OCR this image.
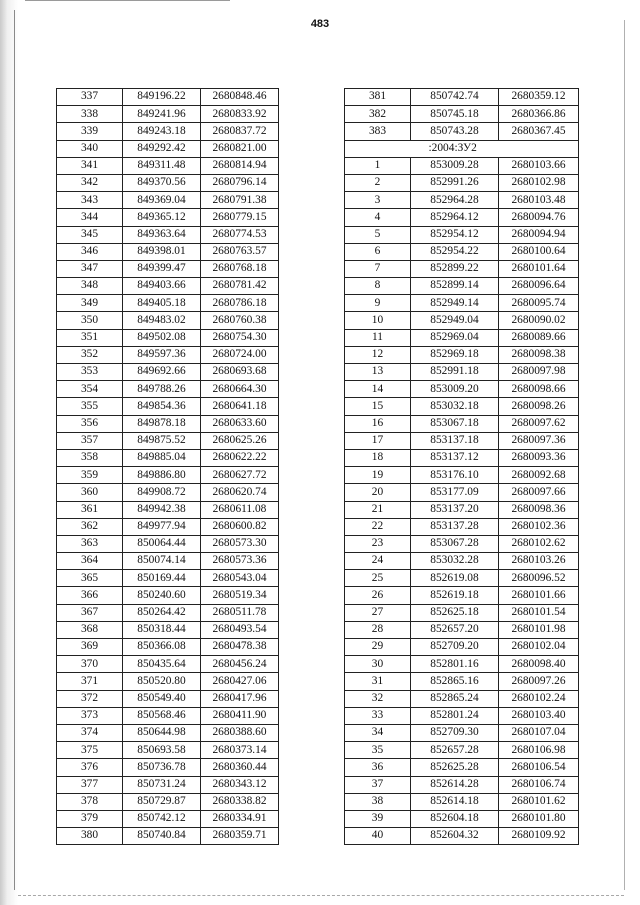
483
337	849196.22	2680848.46
338	849241.96	2680833.92
339	849243.18	2680837.72
340	849292.42	2680821.00
341	849311.48	2680814.94
342	849370.56	2680796.14
343	849369.04	2680791.38
344	849365.12	2680779.15
345	849363.64	2680774.53
346	849398.01	2680763.57
347	849399.47	2680768.18
348	849403.66	2680781.42
349	849405.18	2680786.18
350	849483.02	2680760.38
351	849502.08	2680754.30
352	849597.36	2680724.00
353	849692.66	2680693.68
354	849788.26	2680664.30
355	849854.36	2680641.18
356	849878.18	2680633.60
357	849875.52	2680625.26
358	849885.04	2680622.22
359	849886.80	2680627.72
360	849908.72	2680620.74
361	849942.38	2680611.08
362	849977.94	2680600.82
363	850064.44	2680573.30
364	850074.14	2680573.36
365	850169.44	2680543.04
366	850240.60	2680519.34
367	850264.42	2680511.78
368	850318.44	2680493.54
369	850366.08	2680478.38
370	850435.64	2680456.24
371	850520.80	2680427.06
372	850549.40	2680417.96
373	850568.46	2680411.90
374	850644.98	2680388.60
375	850693.58	2680373.14
376	850736.78	2680360.44
377	850731.24	2680343.12
378	850729.87	2680338.82
379	850742.12	2680334.91
380	850740.84	2680359.71
381	850742.74	2680359.12
382	850745.18	2680366.86
383	850743.28	2680367.45
	:2004:ЗУ2	
1	853009.28	2680103.66
2	852991.26	2680102.98
3	852964.28	2680103.48
4	852964.12	2680094.76
5	852954.12	2680094.94
6	852954.22	2680100.64
7	852899.22	2680101.64
8	852899.14	2680096.64
9	852949.14	2680095.74
10	852949.04	2680090.02
11	852969.04	2680089.66
12	852969.18	2680098.38
13	852991.18	2680097.98
14	853009.20	2680098.66
15	853032.18	2680098.26
16	853067.18	2680097.62
17	853137.18	2680097.36
18	853137.12	2680093.36
19	853176.10	2680092.68
20	853177.09	2680097.66
21	853137.20	2680098.36
22	853137.28	2680102.36
23	853067.28	2680102.62
24	853032.28	2680103.26
25	852619.08	2680096.52
26	852619.18	2680101.66
27	852625.18	2680101.54
28	852657.20	2680101.98
29	852709.20	2680102.04
30	852801.16	2680098.40
31	852865.16	2680097.26
32	852865.24	2680102.24
33	852801.24	2680103.40
34	852709.30	2680107.04
35	852657.28	2680106.98
36	852625.28	2680106.54
37	852614.28	2680106.74
38	852614.18	2680101.62
39	852604.18	2680101.80
40	852604.32	2680109.92
